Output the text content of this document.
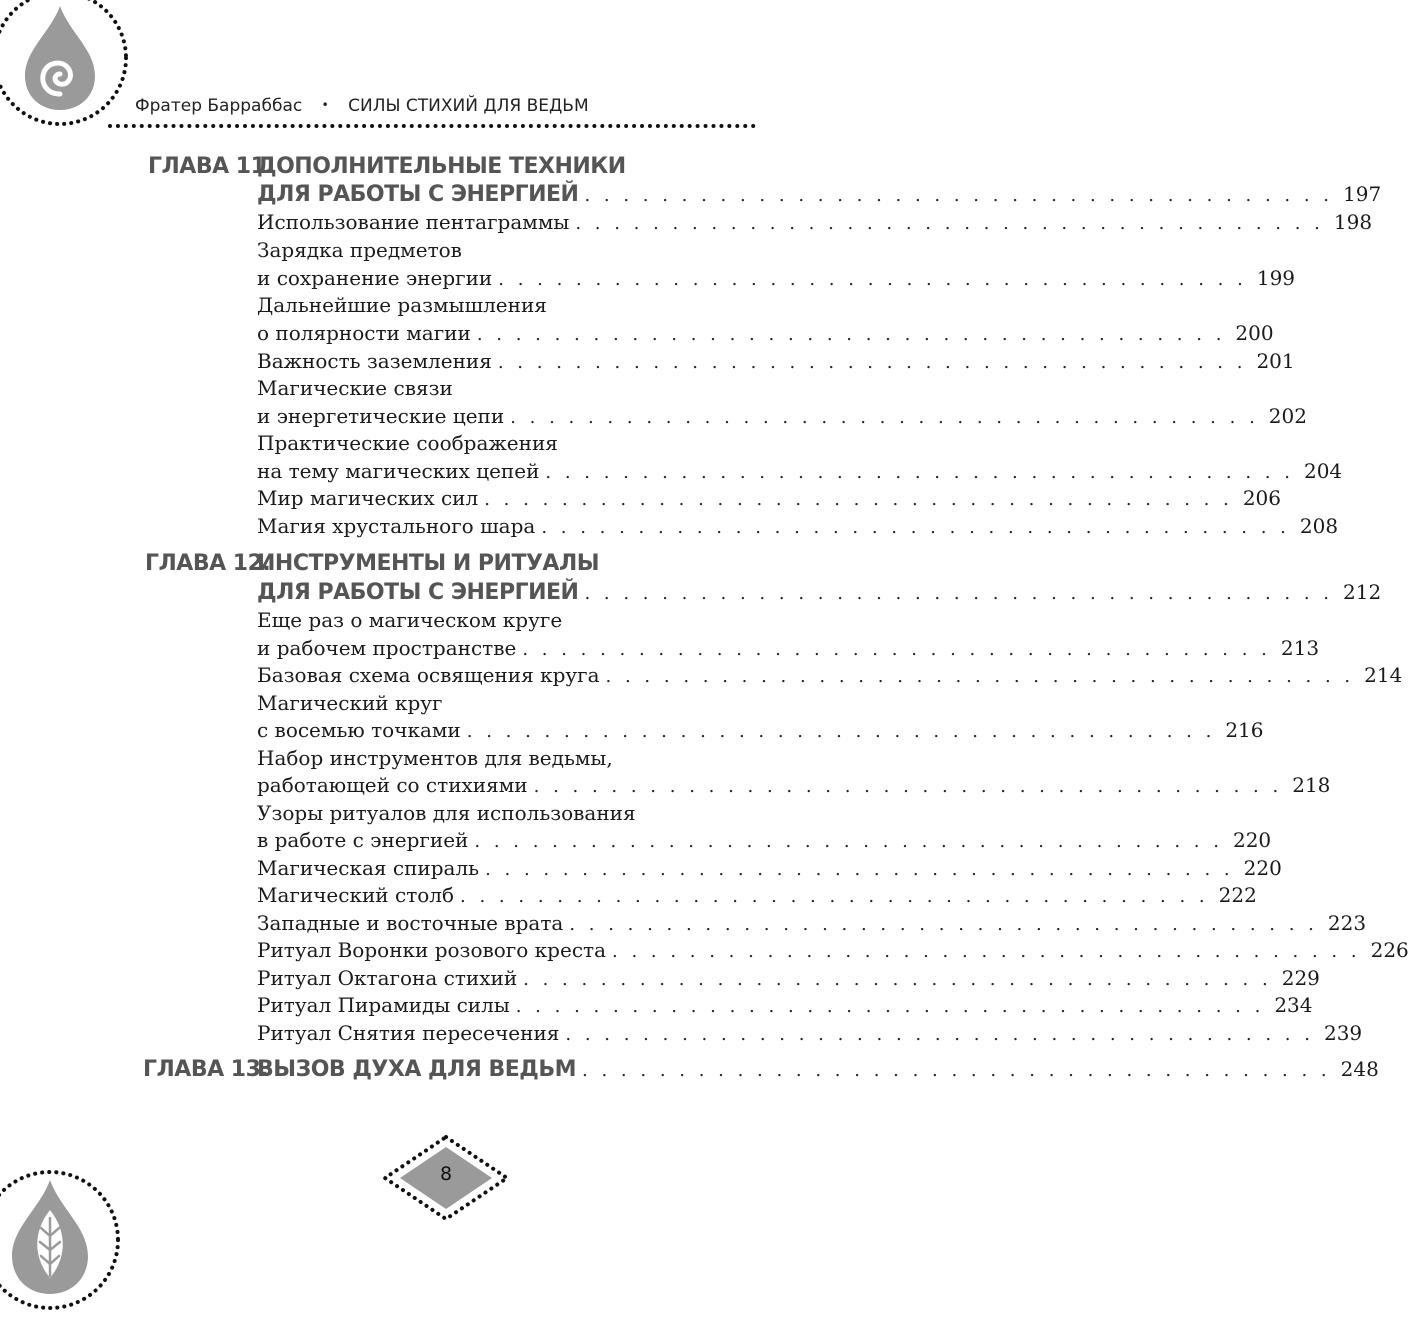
Фратер Барраббас • СИЛЫ СТИХИЙ ДЛЯ ВЕДЬМ
ГЛАВА 11.
ДОПОЛНИТЕЛЬНЫЕ ТЕХНИКИ
ДЛЯ РАБОТЫ С ЭНЕРГИЕЙ . . . . . . . . . . . . . . . . . . . . . . . . . . . . . . . . . . . . . . . 197
Использование пентаграммы . . . . . . . . . . . . . . . . . . . . . . . . . . . . . . . . . . . . . . . 198
Зарядка предметов
и сохранение энергии . . . . . . . . . . . . . . . . . . . . . . . . . . . . . . . . . . . . . . . 199
Дальнейшие размышления
о полярности магии . . . . . . . . . . . . . . . . . . . . . . . . . . . . . . . . . . . . . . . 200
Важность заземления . . . . . . . . . . . . . . . . . . . . . . . . . . . . . . . . . . . . . . . 201
Магические связи
и энергетические цепи . . . . . . . . . . . . . . . . . . . . . . . . . . . . . . . . . . . . . . . 202
Практические соображения
на тему магических цепей . . . . . . . . . . . . . . . . . . . . . . . . . . . . . . . . . . . . . . . 204
Мир магических сил . . . . . . . . . . . . . . . . . . . . . . . . . . . . . . . . . . . . . . . 206
Магия хрустального шара . . . . . . . . . . . . . . . . . . . . . . . . . . . . . . . . . . . . . . . 208
ГЛАВА 12.
ИНСТРУМЕНТЫ И РИТУАЛЫ
ДЛЯ РАБОТЫ С ЭНЕРГИЕЙ . . . . . . . . . . . . . . . . . . . . . . . . . . . . . . . . . . . . . . . 212
Еще раз о магическом круге
и рабочем пространстве . . . . . . . . . . . . . . . . . . . . . . . . . . . . . . . . . . . . . . . 213
Базовая схема освящения круга . . . . . . . . . . . . . . . . . . . . . . . . . . . . . . . . . . . . . . . 214
Магический круг
с восемью точками . . . . . . . . . . . . . . . . . . . . . . . . . . . . . . . . . . . . . . . 216
Набор инструментов для ведьмы,
работающей со стихиями . . . . . . . . . . . . . . . . . . . . . . . . . . . . . . . . . . . . . . . 218
Узоры ритуалов для использования
в работе с энергией . . . . . . . . . . . . . . . . . . . . . . . . . . . . . . . . . . . . . . . 220
Магическая спираль . . . . . . . . . . . . . . . . . . . . . . . . . . . . . . . . . . . . . . . 220
Магический столб . . . . . . . . . . . . . . . . . . . . . . . . . . . . . . . . . . . . . . . 222
Западные и восточные врата . . . . . . . . . . . . . . . . . . . . . . . . . . . . . . . . . . . . . . . 223
Ритуал Воронки розового креста . . . . . . . . . . . . . . . . . . . . . . . . . . . . . . . . . . . . . . . 226
Ритуал Октагона стихий . . . . . . . . . . . . . . . . . . . . . . . . . . . . . . . . . . . . . . . 229
Ритуал Пирамиды силы . . . . . . . . . . . . . . . . . . . . . . . . . . . . . . . . . . . . . . . 234
Ритуал Снятия пересечения . . . . . . . . . . . . . . . . . . . . . . . . . . . . . . . . . . . . . . . 239
ГЛАВА 13.
ВЫЗОВ ДУХА ДЛЯ ВЕДЬМ . . . . . . . . . . . . . . . . . . . . . . . . . . . . . . . . . . . . . . . 248
8
